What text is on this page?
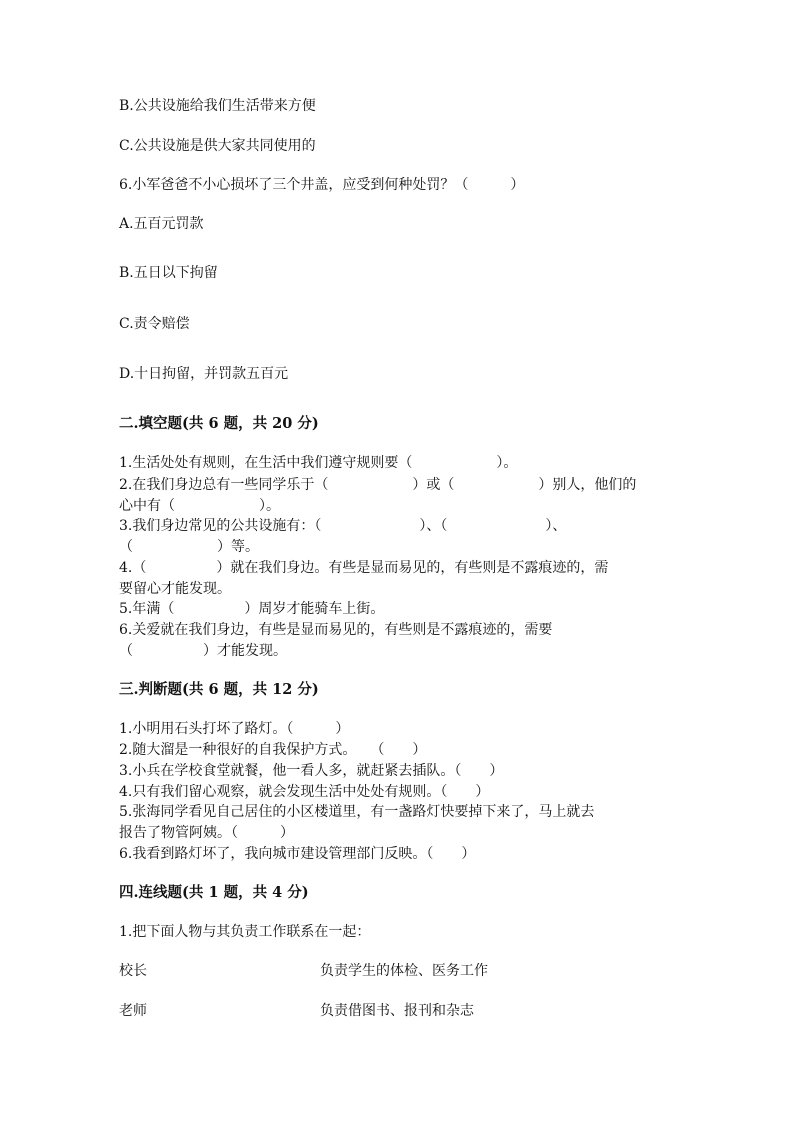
B.公共设施给我们生活带来方便
C.公共设施是供大家共同使用的
6.小军爸爸不小心损坏了三个井盖，应受到何种处罚？（　　　）
A.五百元罚款
B.五日以下拘留
C.责令赔偿
D.十日拘留，并罚款五百元
二.填空题(共 6 题，共 20 分)
1.生活处处有规则，在生活中我们遵守规则要（　　　　　　）。
2.在我们身边总有一些同学乐于（　　　　　　）或（　　　　　　）别人，他们的
心中有（　　　　　　）。
3.我们身边常见的公共设施有：（　　　　　　　）、（　　　　　　　）、
（　　　　　　）等。
4.（　　　　　）就在我们身边。有些是显而易见的，有些则是不露痕迹的，需
要留心才能发现。
5.年满（　　　　　）周岁才能骑车上街。
6.关爱就在我们身边，有些是显而易见的，有些则是不露痕迹的，需要
（　　　　　）才能发现。
三.判断题(共 6 题，共 12 分)
1.小明用石头打坏了路灯。（　　　）
2.随大溜是一种很好的自我保护方式。　　（　　）
3.小兵在学校食堂就餐，他一看人多，就赶紧去插队。（　　）
4.只有我们留心观察，就会发现生活中处处有规则。（　　）
5.张海同学看见自己居住的小区楼道里，有一盏路灯快要掉下来了，马上就去
报告了物管阿姨。（　　　）
6.我看到路灯坏了，我向城市建设管理部门反映。（　　）
四.连线题(共 1 题，共 4 分)
1.把下面人物与其负责工作联系在一起：
校长	负责学生的体检、医务工作
老师	负责借图书、报刊和杂志
